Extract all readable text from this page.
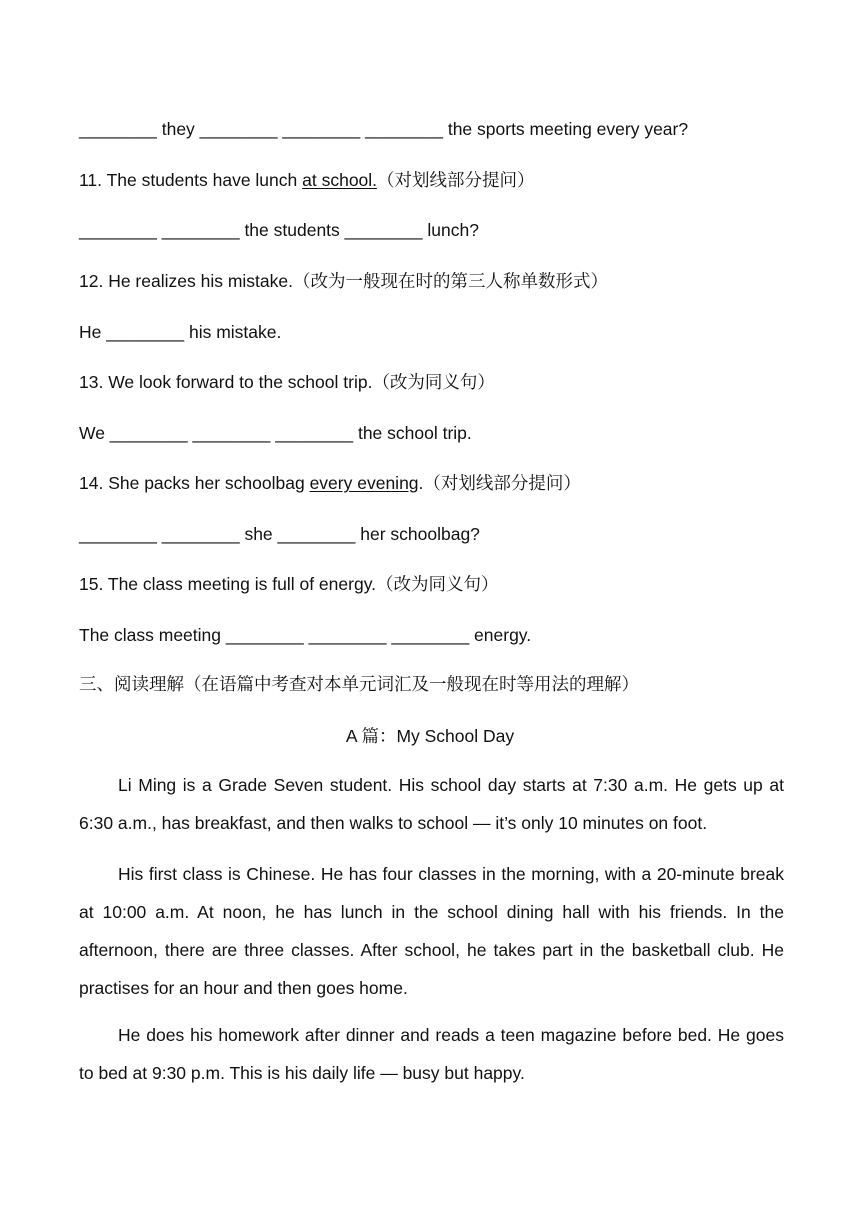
________ they ________ ________ ________ the sports meeting every year?
11. The students have lunch at school.（对划线部分提问）
________ ________ the students ________ lunch?
12. He realizes his mistake.（改为一般现在时的第三人称单数形式）
He ________ his mistake.
13. We look forward to the school trip.（改为同义句）
We ________ ________ ________ the school trip.
14. She packs her schoolbag every evening.（对划线部分提问）
________ ________ she ________ her schoolbag?
15. The class meeting is full of energy.（改为同义句）
The class meeting ________ ________ ________ energy.
三、阅读理解（在语篇中考查对本单元词汇及一般现在时等用法的理解）
A 篇：My School Day
Li Ming is a Grade Seven student. His school day starts at 7:30 a.m. He gets up at 6:30 a.m., has breakfast, and then walks to school — it’s only 10 minutes on foot.
His first class is Chinese. He has four classes in the morning, with a 20-minute break at 10:00 a.m. At noon, he has lunch in the school dining hall with his friends. In the afternoon, there are three classes. After school, he takes part in the basketball club. He practises for an hour and then goes home.
He does his homework after dinner and reads a teen magazine before bed. He goes to bed at 9:30 p.m. This is his daily life — busy but happy.
